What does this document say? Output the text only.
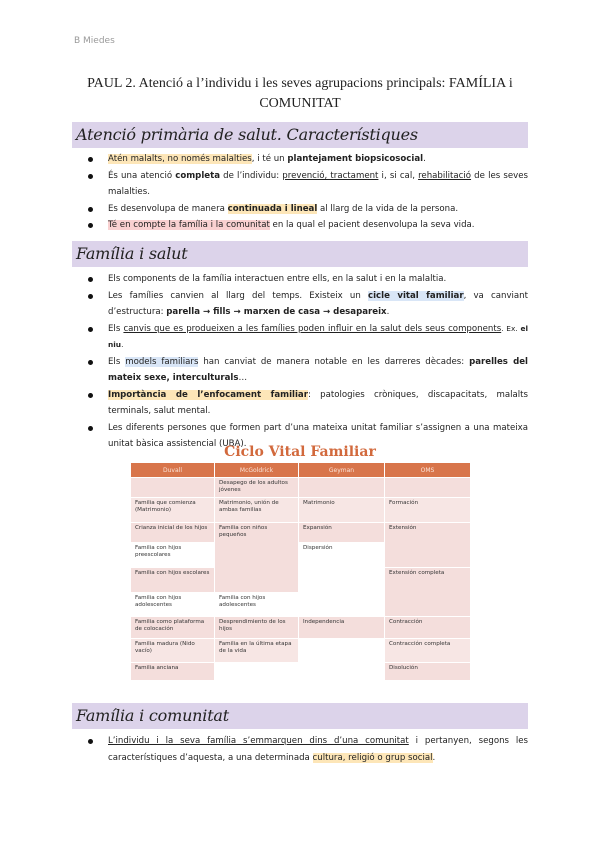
B Miedes
PAUL 2. Atenció a l’individu i les seves agrupacions principals: FAMÍLIA i COMUNITAT
Atenció primària de salut. Característiques
Atén malalts, no només malalties, i té un plantejament biopsicosocial.
És una atenció completa de l’individu: prevenció, tractament i, si cal, rehabilitació de les seves malalties.
Es desenvolupa de manera continuada i lineal al llarg de la vida de la persona.
Té en compte la família i la comunitat en la qual el pacient desenvolupa la seva vida.
Família i salut
Els components de la família interactuen entre ells, en la salut i en la malaltia.
Les famílies canvien al llarg del temps. Existeix un cicle vital familiar, va canviant d’estructura: parella → fills → marxen de casa → desapareix.
Els canvis que es produeixen a les famílies poden influir en la salut dels seus components. Ex. el niu.
Els models familiars han canviat de manera notable en les darreres dècades: parelles del mateix sexe, interculturals…
Importància de l’enfocament familiar: patologies cròniques, discapacitats, malalts terminals, salut mental.
Les diferents persones que formen part d’una mateixa unitat familiar s’assignen a una mateixa unitat bàsica assistencial (UBA).
Ciclo Vital Familiar
Duvall	McGoldrick	Geyman	OMS
	Desapego de los adultos jóvenes		
Familia que comienza (Matrimonio)	Matrimonio, unión de ambas familias	Matrimonio	Formación
Crianza inicial de los hijos	Familia con niños pequeños	Expansión	Extensión
Familia con hijos preescolares		Dispersión	
Familia con hijos escolares			Extensión completa
Familia con hijos adolescentes	Familia con hijos adolescentes		
Familia como plataforma de colocación	Desprendimiento de los hijos	Independencia	Contracción
Familia madura (Nido vacío)	Familia en la última etapa de la vida		Contracción completa
Familia anciana			Disolución
Família i comunitat
L’individu i la seva família s’emmarquen dins d’una comunitat i pertanyen, segons les característiques d’aquesta, a una determinada cultura, religió o grup social.
